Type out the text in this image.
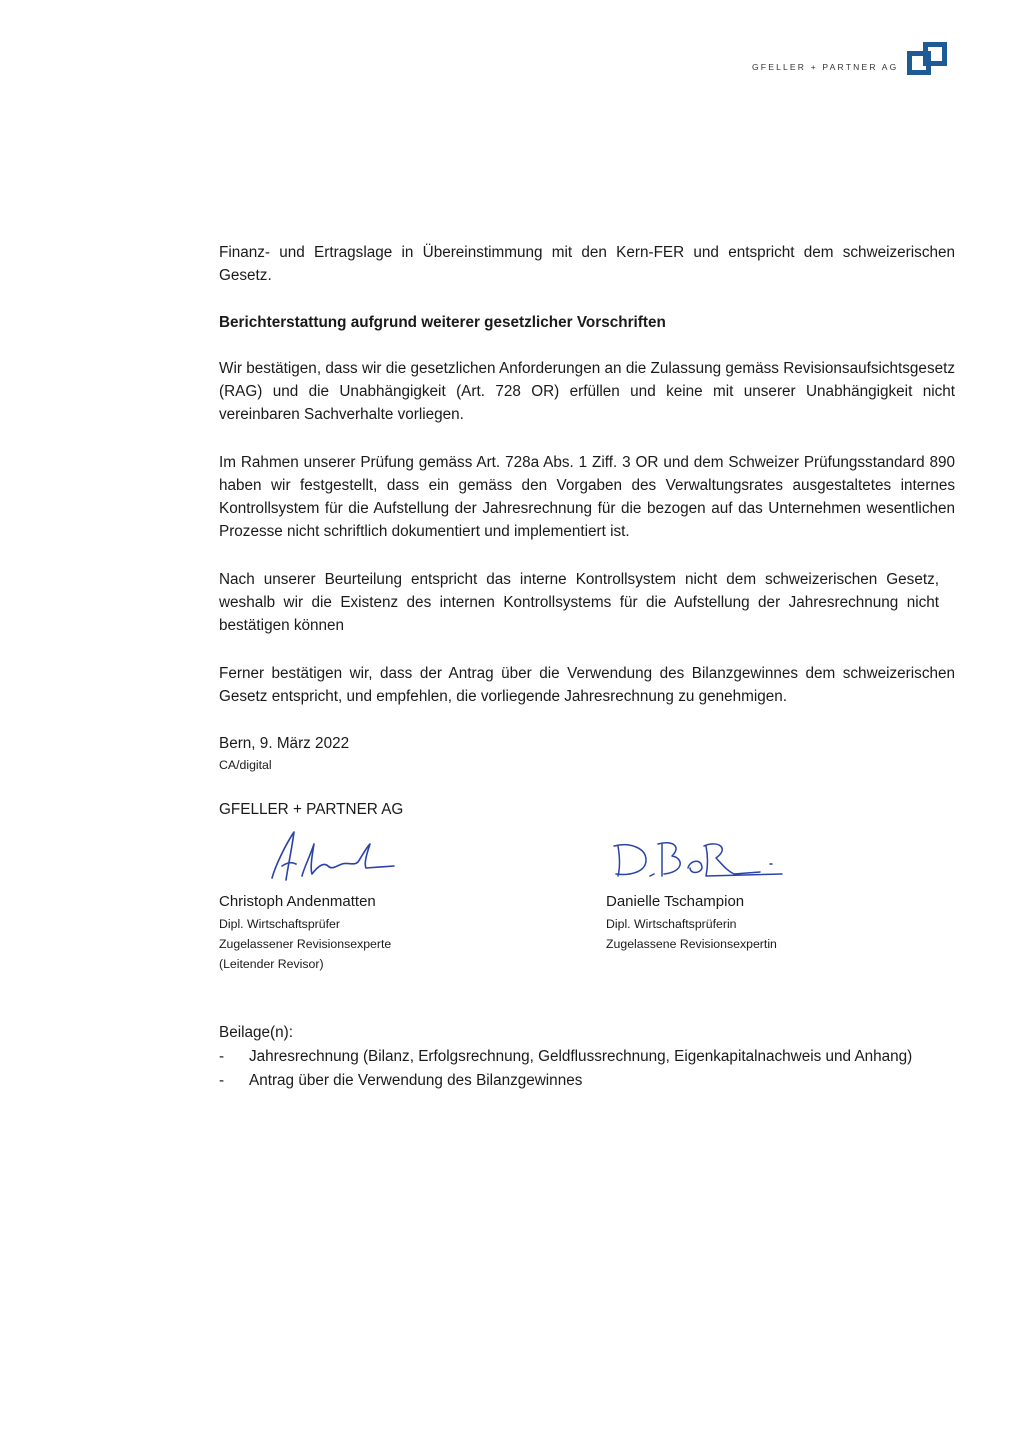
GFELLER + PARTNER AG

Finanz- und Ertragslage in Übereinstimmung mit den Kern-FER und entspricht dem schweizerischen Gesetz.

Berichterstattung aufgrund weiterer gesetzlicher Vorschriften

Wir bestätigen, dass wir die gesetzlichen Anforderungen an die Zulassung gemäss Revisionsaufsichtsgesetz (RAG) und die Unabhängigkeit (Art. 728 OR) erfüllen und keine mit unserer Unabhängigkeit nicht vereinbaren Sachverhalte vorliegen.

Im Rahmen unserer Prüfung gemäss Art. 728a Abs. 1 Ziff. 3 OR und dem Schweizer Prüfungsstandard 890 haben wir festgestellt, dass ein gemäss den Vorgaben des Verwaltungsrates ausgestaltetes internes Kontrollsystem für die Aufstellung der Jahresrechnung für die bezogen auf das Unternehmen wesentlichen Prozesse nicht schriftlich dokumentiert und implementiert ist.

Nach unserer Beurteilung entspricht das interne Kontrollsystem nicht dem schweizerischen Gesetz, weshalb wir die Existenz des internen Kontrollsystems für die Aufstellung der Jahresrechnung nicht bestätigen können

Ferner bestätigen wir, dass der Antrag über die Verwendung des Bilanzgewinnes dem schweizerischen Gesetz entspricht, und empfehlen, die vorliegende Jahresrechnung zu genehmigen.

Bern, 9. März 2022
CA/digital
GFELLER + PARTNER AG
Christoph Andenmatten
Dipl. Wirtschaftsprüfer
Zugelassener Revisionsexperte
(Leitender Revisor)
Danielle Tschampion
Dipl. Wirtschaftsprüferin
Zugelassene Revisionsexpertin
Beilage(n):
- Jahresrechnung (Bilanz, Erfolgsrechnung, Geldflussrechnung, Eigenkapitalnachweis und Anhang)
- Antrag über die Verwendung des Bilanzgewinnes
